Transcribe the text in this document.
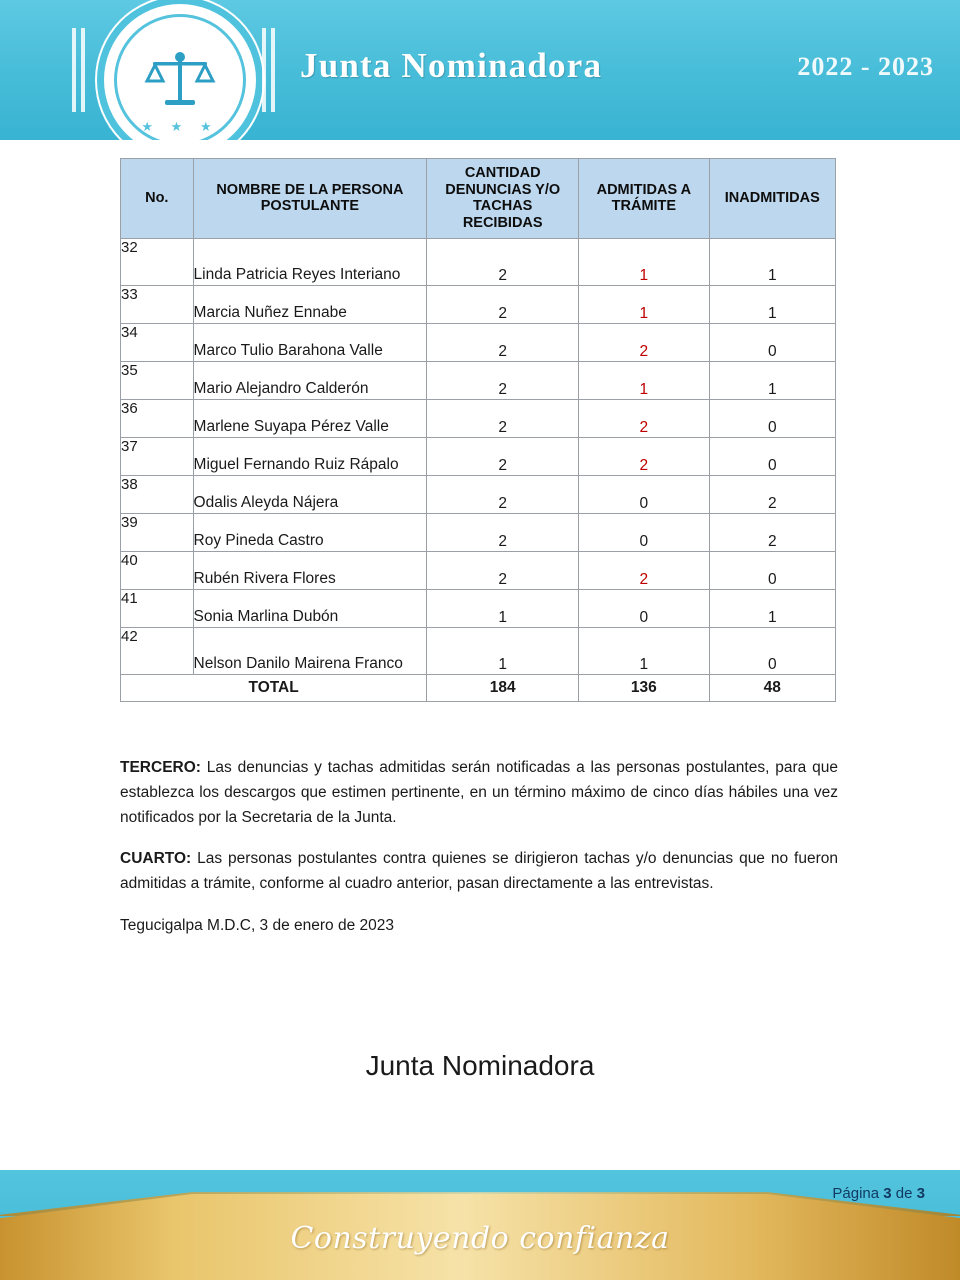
★ ★ ★
Junta Nominadora	2022 - 2023
No.	NOMBRE DE LA PERSONA POSTULANTE	CANTIDAD DENUNCIAS Y/O TACHAS RECIBIDAS	ADMITIDAS A TRÁMITE	INADMITIDAS
32	Linda Patricia Reyes Interiano	2	1	1
33	Marcia Nuñez Ennabe	2	1	1
34	Marco Tulio Barahona Valle	2	2	0
35	Mario Alejandro Calderón	2	1	1
36	Marlene Suyapa Pérez Valle	2	2	0
37	Miguel Fernando Ruiz Rápalo	2	2	0
38	Odalis Aleyda Nájera	2	0	2
39	Roy Pineda Castro	2	0	2
40	Rubén Rivera Flores	2	2	0
41	Sonia Marlina Dubón	1	0	1
42	Nelson Danilo Mairena Franco	1	1	0
TOTAL		184	136	48

TERCERO: Las denuncias y tachas admitidas serán notificadas a las personas postulantes, para que establezca los descargos que estimen pertinente, en un término máximo de cinco días hábiles una vez notificados por la Secretaria de la Junta.

CUARTO: Las personas postulantes contra quienes se dirigieron tachas y/o denuncias que no fueron admitidas a trámite, conforme al cuadro anterior, pasan directamente a las entrevistas.

Tegucigalpa M.D.C, 3 de enero de 2023

Junta Nominadora
Construyendo confianza
Página 3 de 3
